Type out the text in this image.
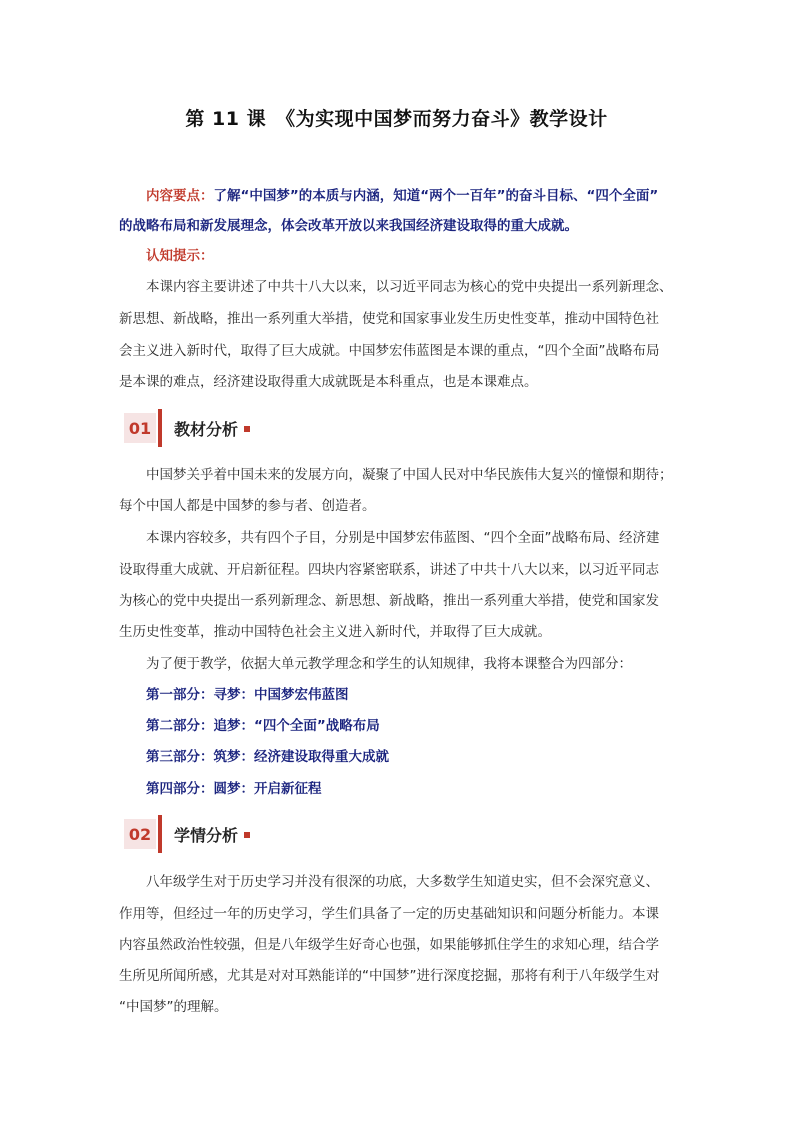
第 11 课　《为实现中国梦而努力奋斗》教学设计
内容要点：了解“中国梦”的本质与内涵，知道“两个一百年”的奋斗目标、“四个全面”
的战略布局和新发展理念，体会改革开放以来我国经济建设取得的重大成就。
认知提示：
本课内容主要讲述了中共十八大以来，以习近平同志为核心的党中央提出一系列新理念、
新思想、新战略，推出一系列重大举措，使党和国家事业发生历史性变革，推动中国特色社
会主义进入新时代，取得了巨大成就。中国梦宏伟蓝图是本课的重点，“四个全面”战略布局
是本课的难点，经济建设取得重大成就既是本科重点，也是本课难点。
01	教材分析
中国梦关乎着中国未来的发展方向，凝聚了中国人民对中华民族伟大复兴的憧憬和期待；
每个中国人都是中国梦的参与者、创造者。
本课内容较多，共有四个子目，分别是中国梦宏伟蓝图、“四个全面”战略布局、经济建
设取得重大成就、开启新征程。四块内容紧密联系，讲述了中共十八大以来，以习近平同志
为核心的党中央提出一系列新理念、新思想、新战略，推出一系列重大举措，使党和国家发
生历史性变革，推动中国特色社会主义进入新时代，并取得了巨大成就。
为了便于教学，依据大单元教学理念和学生的认知规律，我将本课整合为四部分：
第一部分：寻梦：中国梦宏伟蓝图
第二部分：追梦：“四个全面”战略布局
第三部分：筑梦：经济建设取得重大成就
第四部分：圆梦：开启新征程
02	学情分析
八年级学生对于历史学习并没有很深的功底，大多数学生知道史实，但不会深究意义、
作用等，但经过一年的历史学习，学生们具备了一定的历史基础知识和问题分析能力。本课
内容虽然政治性较强，但是八年级学生好奇心也强，如果能够抓住学生的求知心理，结合学
生所见所闻所感，尤其是对对耳熟能详的“中国梦”进行深度挖掘，那将有利于八年级学生对
“中国梦”的理解。
